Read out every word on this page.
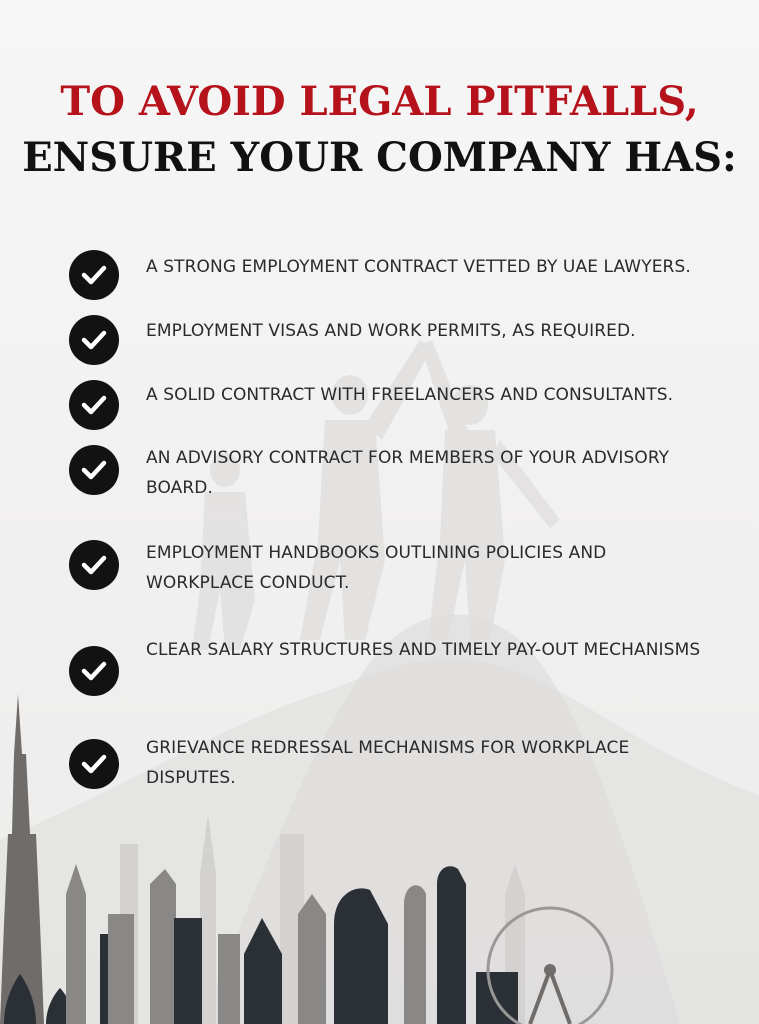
TO AVOID LEGAL PITFALLS,
ENSURE YOUR COMPANY HAS:
A STRONG EMPLOYMENT CONTRACT VETTED BY UAE LAWYERS.
EMPLOYMENT VISAS AND WORK PERMITS, AS REQUIRED.
A SOLID CONTRACT WITH FREELANCERS AND CONSULTANTS.
AN ADVISORY CONTRACT FOR MEMBERS OF YOUR ADVISORY BOARD.
EMPLOYMENT HANDBOOKS OUTLINING POLICIES AND WORKPLACE CONDUCT.
CLEAR SALARY STRUCTURES AND TIMELY PAY-OUT MECHANISMS
GRIEVANCE REDRESSAL MECHANISMS FOR WORKPLACE DISPUTES.
